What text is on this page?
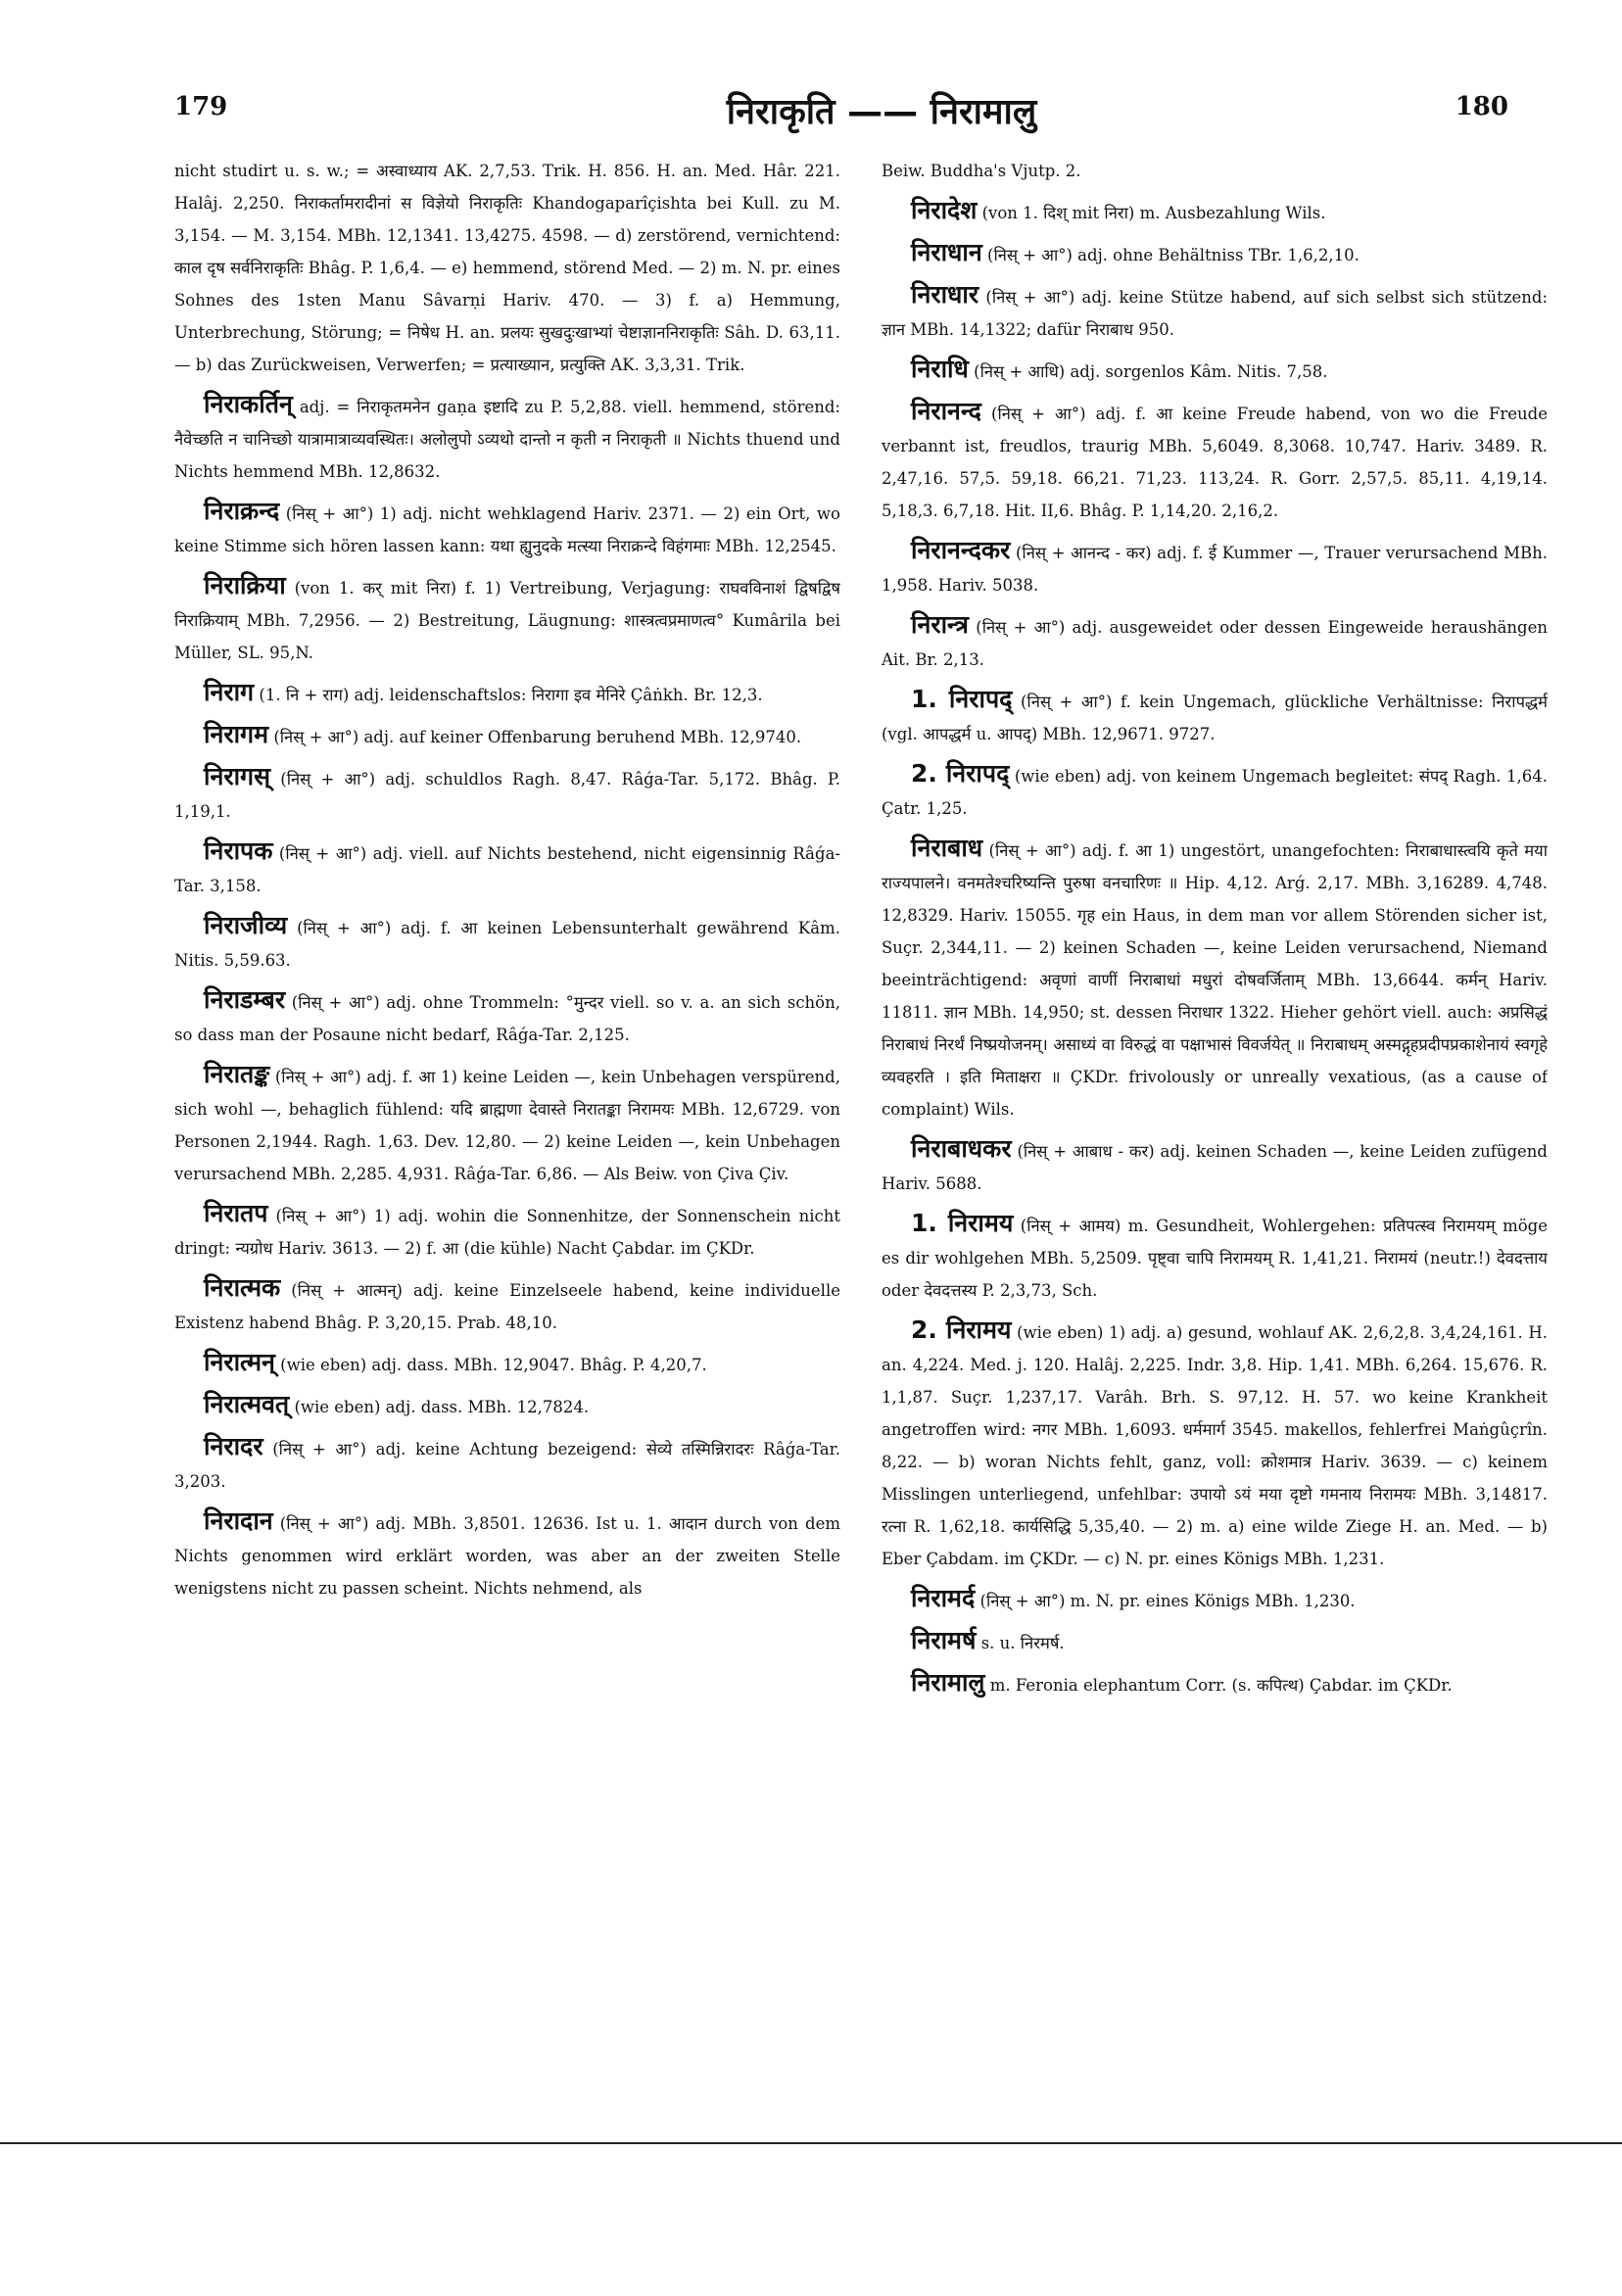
179	निराकृति —— निरामालु	180

nicht studirt u. s. w.; = अस्वाध्याय AK. 2,7,53. Trik. H. 856. H. an. Med. Hâr. 221. Halâj. 2,250. निराकर्तामरादीनां स विज्ञेयो निराकृतिः Khandogaparîçishta bei Kull. zu M. 3,154. — M. 3,154. MBh. 12,1341. 13,4275. 4598. — d) zerstörend, vernichtend: काल दृष सर्वनिराकृतिः Bhâg. P. 1,6,4. — e) hemmend, störend Med. — 2) m. N. pr. eines Sohnes des 1sten Manu Sâvarṇi Hariv. 470. — 3) f. a) Hemmung, Unterbrechung, Störung; = निषेध H. an. प्रलयः सुखदुःखाभ्यां चेष्टाज्ञाननिराकृतिः Sâh. D. 63,11. — b) das Zurückweisen, Verwerfen; = प्रत्याख्यान, प्रत्युक्ति AK. 3,3,31. Trik.

निराकर्तिन् adj. = निराकृतमनेन gaṇa इष्टादि zu P. 5,2,88. viell. hemmend, störend: नैवेच्छति न चानिच्छो यात्रामात्राव्यवस्थितः। अलोलुपो ऽव्यथो दान्तो न कृती न निराकृती ॥ Nichts thuend und Nichts hemmend MBh. 12,8632.

निराक्रन्द (निस् + आ°) 1) adj. nicht wehklagend Hariv. 2371. — 2) ein Ort, wo keine Stimme sich hören lassen kann: यथा ह्युनुदके मत्स्या निराक्रन्दे विहंगमाः MBh. 12,2545.

निराक्रिया (von 1. कर् mit निरा) f. 1) Vertreibung, Verjagung: राघवविनाशं द्विषद्विष निराक्रियाम् MBh. 7,2956. — 2) Bestreitung, Läugnung: शास्त्रत्वप्रमाणत्व° Kumârila bei Müller, SL. 95,N.

निराग (1. नि + राग) adj. leidenschaftslos: निरागा इव मेनिरे Çâṅkh. Br. 12,3.

निरागम (निस् + आ°) adj. auf keiner Offenbarung beruhend MBh. 12,9740.

निरागस् (निस् + आ°) adj. schuldlos Ragh. 8,47. Râǵa-Tar. 5,172. Bhâg. P. 1,19,1.

निरापक (निस् + आ°) adj. viell. auf Nichts bestehend, nicht eigensinnig Râǵa-Tar. 3,158.

निराजीव्य (निस् + आ°) adj. f. आ keinen Lebensunterhalt gewährend Kâm. Nitis. 5,59.63.

निराडम्बर (निस् + आ°) adj. ohne Trommeln: °मुन्दर viell. so v. a. an sich schön, so dass man der Posaune nicht bedarf, Râǵa-Tar. 2,125.

निरातङ्क (निस् + आ°) adj. f. आ 1) keine Leiden —, kein Unbehagen verspürend, sich wohl —, behaglich fühlend: यदि ब्राह्मणा देवास्ते निरातङ्का निरामयः MBh. 12,6729. von Personen 2,1944. Ragh. 1,63. Dev. 12,80. — 2) keine Leiden —, kein Unbehagen verursachend MBh. 2,285. 4,931. Râǵa-Tar. 6,86. — Als Beiw. von Çiva Çiv.

निरातप (निस् + आ°) 1) adj. wohin die Sonnenhitze, der Sonnenschein nicht dringt: न्यग्रोध Hariv. 3613. — 2) f. आ (die kühle) Nacht Çabdar. im ÇKDr.

निरात्मक (निस् + आत्मन्) adj. keine Einzelseele habend, keine individuelle Existenz habend Bhâg. P. 3,20,15. Prab. 48,10.

निरात्मन् (wie eben) adj. dass. MBh. 12,9047. Bhâg. P. 4,20,7.

निरात्मवत् (wie eben) adj. dass. MBh. 12,7824.

निरादर (निस् + आ°) adj. keine Achtung bezeigend: सेव्ये तस्मिन्निरादरः Râǵa-Tar. 3,203.

निरादान (निस् + आ°) adj. MBh. 3,8501. 12636. Ist u. 1. आदान durch von dem Nichts genommen wird erklärt worden, was aber an der zweiten Stelle wenigstens nicht zu passen scheint. Nichts nehmend, als

Beiw. Buddha's Vjutp. 2.

निरादेश (von 1. दिश् mit निरा) m. Ausbezahlung Wils.

निराधान (निस् + आ°) adj. ohne Behältniss TBr. 1,6,2,10.

निराधार (निस् + आ°) adj. keine Stütze habend, auf sich selbst sich stützend: ज्ञान MBh. 14,1322; dafür निराबाध 950.

निराधि (निस् + आधि) adj. sorgenlos Kâm. Nitis. 7,58.

निरानन्द (निस् + आ°) adj. f. आ keine Freude habend, von wo die Freude verbannt ist, freudlos, traurig MBh. 5,6049. 8,3068. 10,747. Hariv. 3489. R. 2,47,16. 57,5. 59,18. 66,21. 71,23. 113,24. R. Gorr. 2,57,5. 85,11. 4,19,14. 5,18,3. 6,7,18. Hit. II,6. Bhâg. P. 1,14,20. 2,16,2.

निरानन्दकर (निस् + आनन्द - कर) adj. f. ई Kummer —, Trauer verursachend MBh. 1,958. Hariv. 5038.

निरान्त्र (निस् + आ°) adj. ausgeweidet oder dessen Eingeweide heraushängen Ait. Br. 2,13.

1. निरापद् (निस् + आ°) f. kein Ungemach, glückliche Verhältnisse: निरापद्धर्म (vgl. आपद्धर्म u. आपद्) MBh. 12,9671. 9727.

2. निरापद् (wie eben) adj. von keinem Ungemach begleitet: संपद् Ragh. 1,64. Çatr. 1,25.

निराबाध (निस् + आ°) adj. f. आ 1) ungestört, unangefochten: निराबाधास्त्वयि कृते मया राज्यपालने। वनमतेश्चरिष्यन्ति पुरुषा वनचारिणः ॥ Hip. 4,12. Arǵ. 2,17. MBh. 3,16289. 4,748. 12,8329. Hariv. 15055. गृह ein Haus, in dem man vor allem Störenden sicher ist, Suçr. 2,344,11. — 2) keinen Schaden —, keine Leiden verursachend, Niemand beeinträchtigend: अवृणां वाणीं निराबाधां मधुरां दोषवर्जिताम् MBh. 13,6644. कर्मन् Hariv. 11811. ज्ञान MBh. 14,950; st. dessen निराधार 1322. Hieher gehört viell. auch: अप्रसिद्धं निराबाधं निरर्थं निष्प्रयोजनम्। असाध्यं वा विरुद्धं वा पक्षाभासं विवर्जयेत् ॥ निराबाधम् अस्मद्गृहप्रदीपप्रकाशेनायं स्वगृहे व्यवहरति । इति मिताक्षरा ॥ ÇKDr. frivolously or unreally vexatious, (as a cause of complaint) Wils.

निराबाधकर (निस् + आबाध - कर) adj. keinen Schaden —, keine Leiden zufügend Hariv. 5688.

1. निरामय (निस् + आमय) m. Gesundheit, Wohlergehen: प्रतिपत्स्व निरामयम् möge es dir wohlgehen MBh. 5,2509. पृष्ट्वा चापि निरामयम् R. 1,41,21. निरामयं (neutr.!) देवदत्ताय oder देवदत्तस्य P. 2,3,73, Sch.

2. निरामय (wie eben) 1) adj. a) gesund, wohlauf AK. 2,6,2,8. 3,4,24,161. H. an. 4,224. Med. j. 120. Halâj. 2,225. Indr. 3,8. Hip. 1,41. MBh. 6,264. 15,676. R. 1,1,87. Suçr. 1,237,17. Varâh. Brh. S. 97,12. H. 57. wo keine Krankheit angetroffen wird: नगर MBh. 1,6093. धर्ममार्ग 3545. makellos, fehlerfrei Maṅgûçrîn. 8,22. — b) woran Nichts fehlt, ganz, voll: क्रोशमात्र Hariv. 3639. — c) keinem Misslingen unterliegend, unfehlbar: उपायो ऽयं मया दृष्टो गमनाय निरामयः MBh. 3,14817. रत्ना R. 1,62,18. कार्यसिद्धि 5,35,40. — 2) m. a) eine wilde Ziege H. an. Med. — b) Eber Çabdam. im ÇKDr. — c) N. pr. eines Königs MBh. 1,231.

निरामर्द (निस् + आ°) m. N. pr. eines Königs MBh. 1,230.

निरामर्ष s. u. निरमर्ष.

निरामालु m. Feronia elephantum Corr. (s. कपित्थ) Çabdar. im ÇKDr.
